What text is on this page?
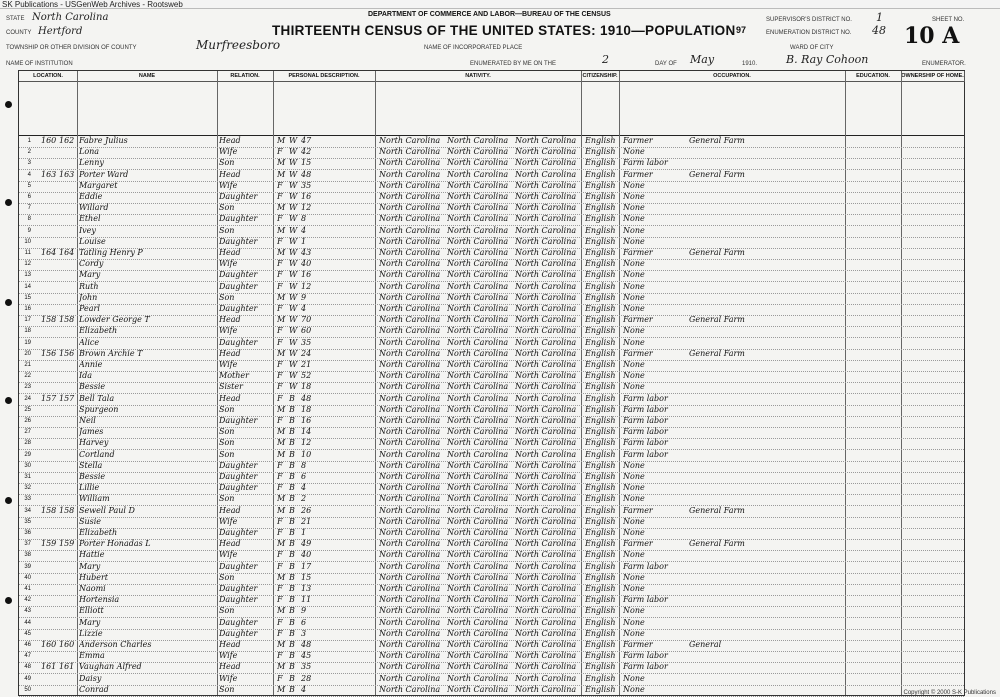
SK Publications - USGenWeb Archives - Rootsweb
DEPARTMENT OF COMMERCE AND LABOR—BUREAU OF THE CENSUS
THIRTEENTH CENSUS OF THE UNITED STATES: 1910—POPULATION 97
STATE North Carolina
COUNTY Hertford
TOWNSHIP OR OTHER DIVISION OF COUNTY	Murfreesboro	NAME OF INCORPORATED PLACE
NAME OF INSTITUTION	ENUMERATED BY ME ON THE	2	DAY OF May	1910.	B. Ray Cohoon	ENUMERATOR.
SUPERVISOR'S DISTRICT NO. 1
ENUMERATION DISTRICT NO. 48
WARD OF CITY
SHEET NO.
10 A
LOCATION.	NAME	RELATION.	PERSONAL DESCRIPTION.	NATIVITY.	CITIZENSHIP.	OCCUPATION.	EDUCATION.	OWNERSHIP OF HOME.
1 160 162 Fabre Julius	Head	M W 47	North Carolina North Carolina North Carolina	English Farmer	General Farm
2	Lona	Wife	F W 42	North Carolina North Carolina North Carolina	English None
3	Lenny	Son	M W 15	North Carolina North Carolina North Carolina	English Farm labor
4 163 163 Porter Ward	Head	M W 48	North Carolina North Carolina North Carolina	English Farmer	General Farm
5	Margaret	Wife	F W 35	North Carolina North Carolina North Carolina	English None
6	Eddie	Daughter	F W 16	North Carolina North Carolina North Carolina	English None
7	Willard	Son	M W 12	North Carolina North Carolina North Carolina	English None
8	Ethel	Daughter	F W 8	North Carolina North Carolina North Carolina	English None
9	Ivey	Son	M W 4	North Carolina North Carolina North Carolina	English None
10	Louise	Daughter	F W 1	North Carolina North Carolina North Carolina	English None
11 164 164 Tatling Henry P	Head	M W 43	North Carolina North Carolina North Carolina	English Farmer	General Farm
12	Cordy	Wife	F W 40	North Carolina North Carolina North Carolina	English None
13	Mary	Daughter	F W 16	North Carolina North Carolina North Carolina	English None
14	Ruth	Daughter	F W 12	North Carolina North Carolina North Carolina	English None
15	John	Son	M W 9	North Carolina North Carolina North Carolina	English None
16	Pearl	Daughter	F W 4	North Carolina North Carolina North Carolina	English None
17 158 158 Lowder George T	Head	M W 70	North Carolina North Carolina North Carolina	English Farmer	General Farm
18	Elizabeth	Wife	F W 60	North Carolina North Carolina North Carolina	English None
19	Alice	Daughter	F W 35	North Carolina North Carolina North Carolina	English None
20 156 156 Brown Archie T	Head	M W 24	North Carolina North Carolina North Carolina	English Farmer	General Farm
21	Annie	Wife	F W 21	North Carolina North Carolina North Carolina	English None
22	Ida	Mother	F W 52	North Carolina North Carolina North Carolina	English None
23	Bessie	Sister	F W 18	North Carolina North Carolina North Carolina	English None
24 157 157 Bell Tala	Head	F B 48	North Carolina North Carolina North Carolina	English Farm labor
25	Spurgeon	Son	M B 18	North Carolina North Carolina North Carolina	English Farm labor
26	Neil	Daughter	F B 16	North Carolina North Carolina North Carolina	English Farm labor
27	James	Son	M B 14	North Carolina North Carolina North Carolina	English Farm labor
28	Harvey	Son	M B 12	North Carolina North Carolina North Carolina	English Farm labor
29	Cortland	Son	M B 10	North Carolina North Carolina North Carolina	English Farm labor
30	Stella	Daughter	F B 8	North Carolina North Carolina North Carolina	English None
31	Bessie	Daughter	F B 6	North Carolina North Carolina North Carolina	English None
32	Lillie	Daughter	F B 4	North Carolina North Carolina North Carolina	English None
33	William	Son	M B 2	North Carolina North Carolina North Carolina	English None
34 158 158 Sewell Paul D	Head	M B 26	North Carolina North Carolina North Carolina	English Farmer	General Farm
35	Susie	Wife	F B 21	North Carolina North Carolina North Carolina	English None
36	Elizabeth	Daughter	F B 1	North Carolina North Carolina North Carolina	English None
37 159 159 Porter Honadas L	Head	M B 49	North Carolina North Carolina North Carolina	English Farmer	General Farm
38	Hattie	Wife	F B 40	North Carolina North Carolina North Carolina	English None
39	Mary	Daughter	F B 17	North Carolina North Carolina North Carolina	English Farm labor
40	Hubert	Son	M B 15	North Carolina North Carolina North Carolina	English None
41	Naomi	Daughter	F B 13	North Carolina North Carolina North Carolina	English None
42	Hortensia	Daughter	F B 11	North Carolina North Carolina North Carolina	English Farm labor
43	Elliott	Son	M B 9	North Carolina North Carolina North Carolina	English None
44	Mary	Daughter	F B 6	North Carolina North Carolina North Carolina	English None
45	Lizzie	Daughter	F B 3	North Carolina North Carolina North Carolina	English None
46 160 160 Anderson Charles	Head	M B 48	North Carolina North Carolina North Carolina	English Farmer	General
47	Emma	Wife	F B 45	North Carolina North Carolina North Carolina	English Farm labor
48 161 161 Vaughan Alfred	Head	M B 35	North Carolina North Carolina North Carolina	English Farm labor
49	Daisy	Wife	F B 28	North Carolina North Carolina North Carolina	English None
50	Conrad	Son	M B 4	North Carolina North Carolina North Carolina	English None	Copyright © 2000 S-K Publications
